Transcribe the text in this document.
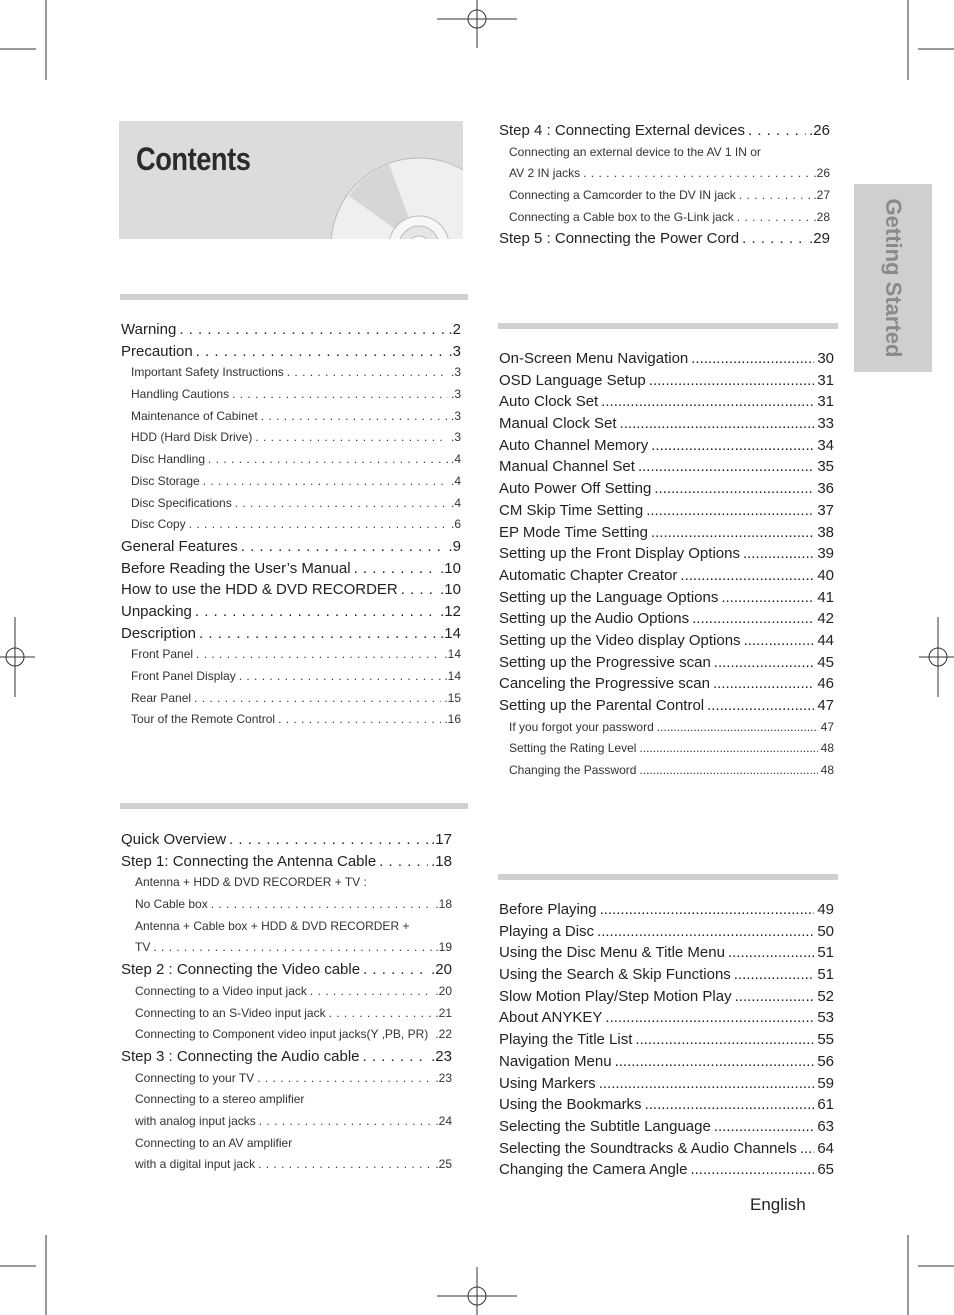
Contents
Getting Started
Warning . . .	.2
Precaution . . .	.3
Important Safety Instructions . . .	.3
Handling Cautions . . .	.3
Maintenance of Cabinet . . .	.3
HDD (Hard Disk Drive) . . .	.3
Disc Handling . . .	.4
Disc Storage . . .	.4
Disc Specifications . . .	.4
Disc Copy . . .	.6
General Features . . .	.9
Before Reading the User’s Manual . . .	.10
How to use the HDD & DVD RECORDER . . .	.10
Unpacking . . .	.12
Description . . .	.14
Front Panel . . .	.14
Front Panel Display . . .	.14
Rear Panel . . .	.15
Tour of the Remote Control . . .	.16
Quick Overview . . .	.17
Step 1: Connecting the Antenna Cable . . .	.18
Antenna + HDD & DVD RECORDER + TV :
No Cable box . . .	.18
Antenna + Cable box + HDD & DVD RECORDER +
TV . . .	.19
Step 2 : Connecting the Video cable . . .	.20
Connecting to a Video input jack . . .	.20
Connecting to an S-Video input jack . . .	.21
Connecting to Component video input jacks(Y ,PB, PR) . . . .22
Step 3 : Connecting the Audio cable . . .	.23
Connecting to your TV . . .	.23
Connecting to a stereo amplifier
with analog input jacks . . .	.24
Connecting to an AV amplifier
with a digital input jack . . .	.25
Step 4 : Connecting External devices . . .	.26
Connecting an external device to the AV 1 IN or
AV 2 IN jacks . . .	.26
Connecting a Camcorder to the DV IN jack . . .	.27
Connecting a Cable box to the G-Link jack . . .	.28
Step 5 : Connecting the Power Cord . . .	.29
On-Screen Menu Navigation .....	30
OSD Language Setup .....	31
Auto Clock Set .....	31
Manual Clock Set .....	33
Auto Channel Memory .....	34
Manual Channel Set .....	35
Auto Power Off Setting .....	36
CM Skip Time Setting .....	37
EP Mode Time Setting .....	38
Setting up the Front Display Options .....	39
Automatic Chapter Creator .....	40
Setting up the Language Options .....	41
Setting up the Audio Options .....	42
Setting up the Video display Options .....	44
Setting up the Progressive scan .....	45
Canceling the Progressive scan .....	46
Setting up the Parental Control .....	47
If you forgot your password .....	47
Setting the Rating Level .....	48
Changing the Password .....	48
Before Playing .....	49
Playing a Disc .....	50
Using the Disc Menu & Title Menu .....	51
Using the Search & Skip Functions .....	51
Slow Motion Play/Step Motion Play .....	52
About ANYKEY .....	53
Playing the Title List .....	55
Navigation Menu .....	56
Using Markers .....	59
Using the Bookmarks .....	61
Selecting the Subtitle Language .....	63
Selecting the Soundtracks & Audio Channels ..... 64
Changing the Camera Angle .....	65
English
